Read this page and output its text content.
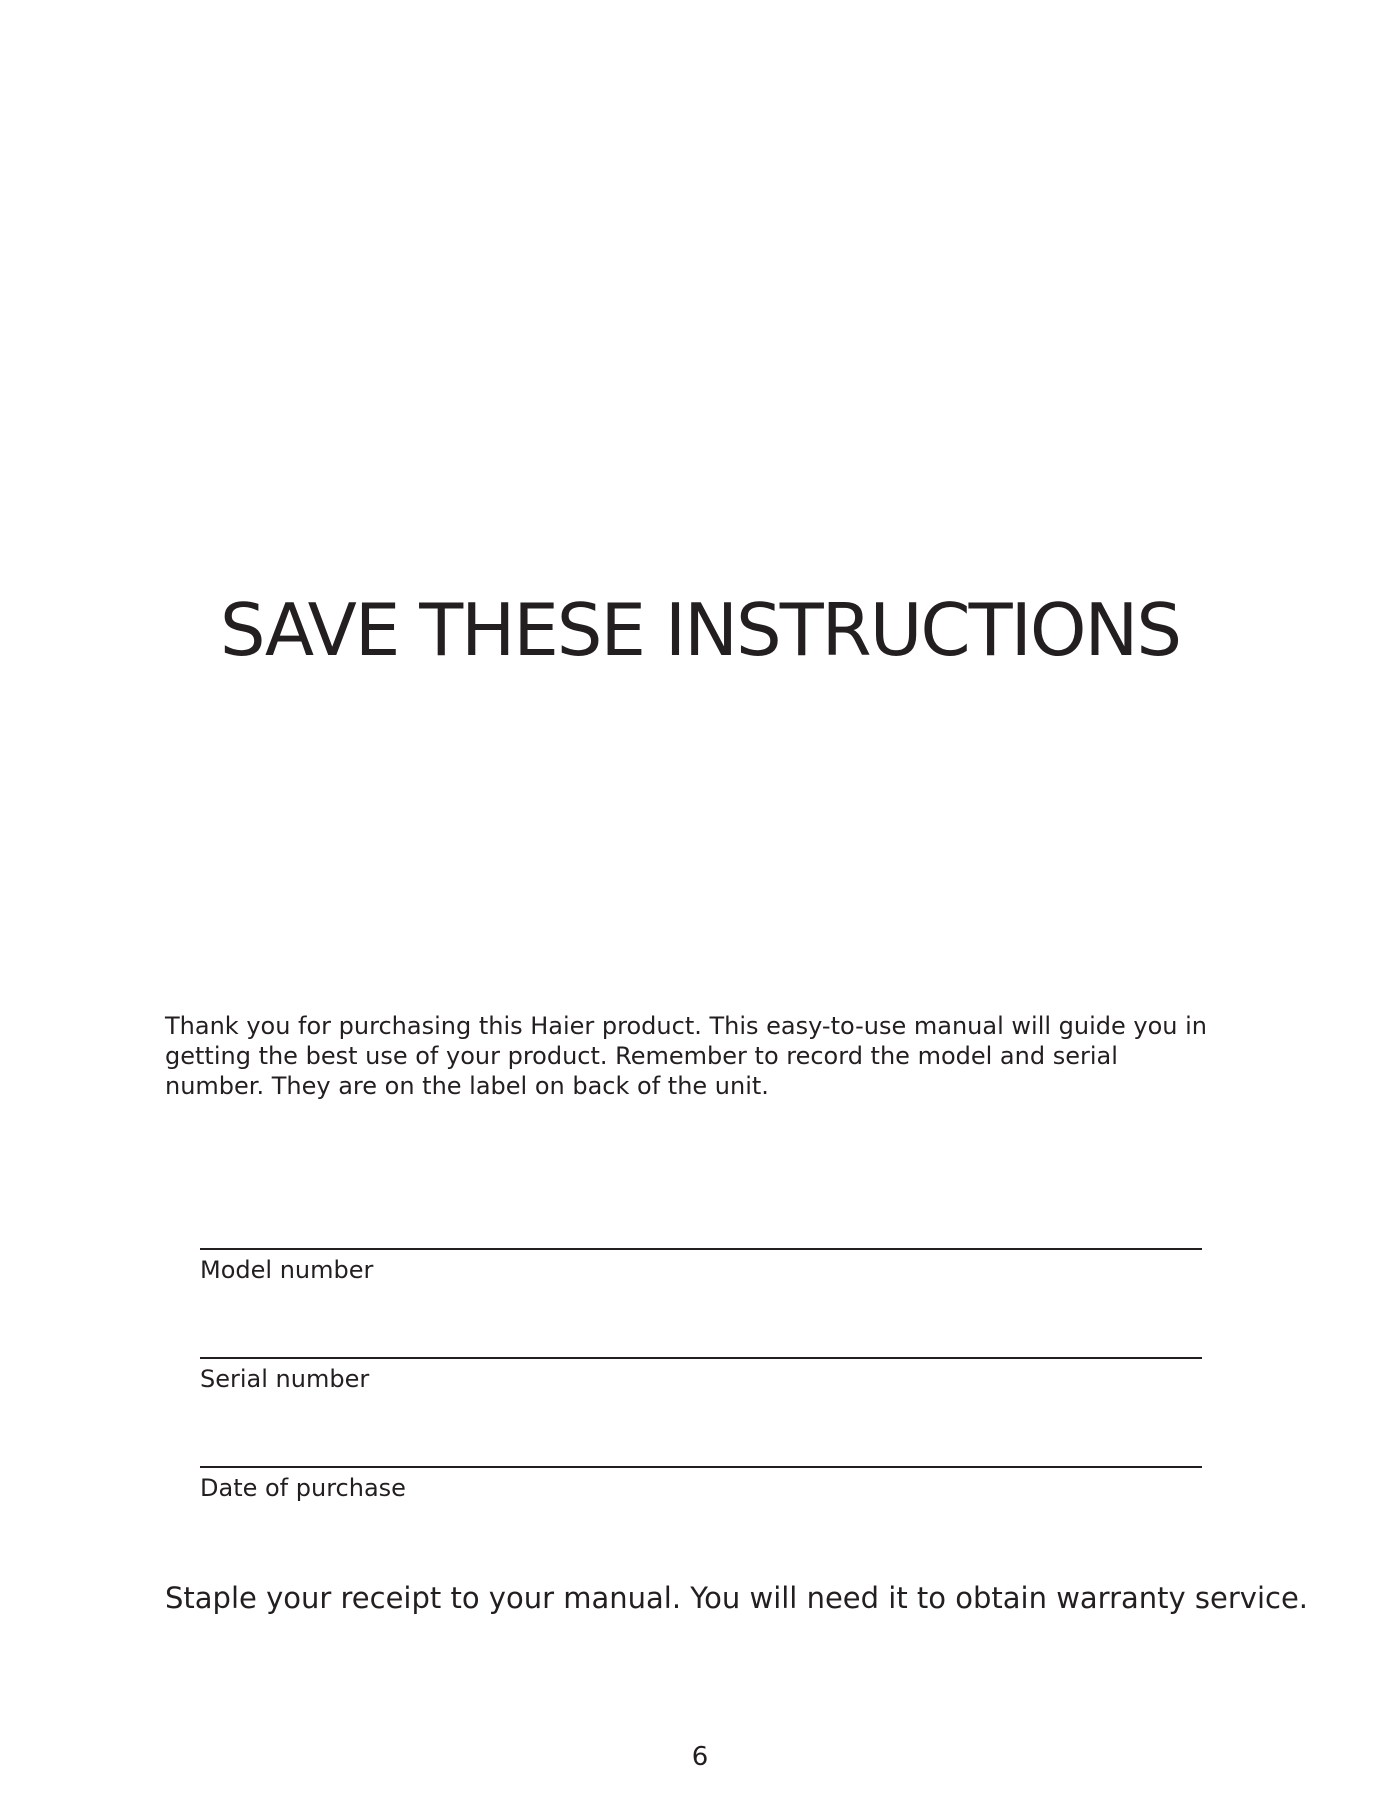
SAVE THESE INSTRUCTIONS

Thank you for purchasing this Haier product. This easy-to-use manual will guide you in getting the best use of your product. Remember to record the model and serial number. They are on the label on back of the unit.

Model number
Serial number
Date of purchase

Staple your receipt to your manual. You will need it to obtain warranty service.

6
